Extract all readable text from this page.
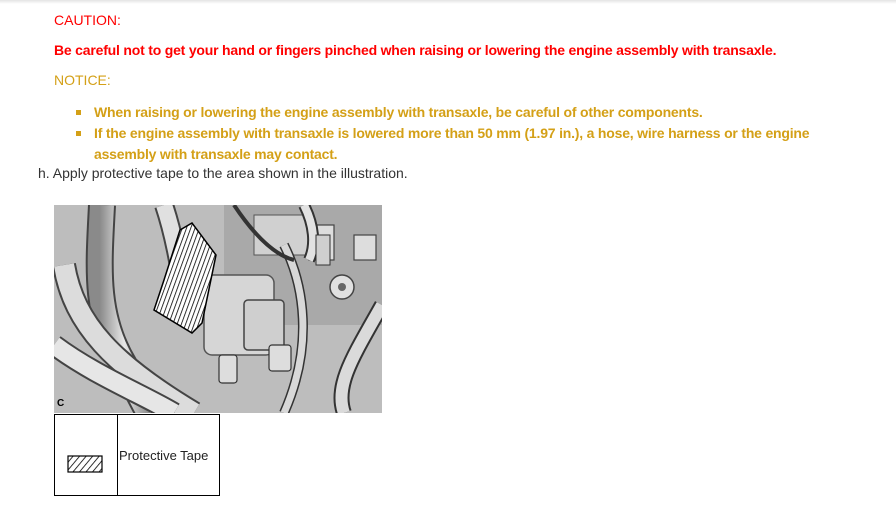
CAUTION:
Be careful not to get your hand or fingers pinched when raising or lowering the engine assembly with transaxle.
NOTICE:
When raising or lowering the engine assembly with transaxle, be careful of other components.
If the engine assembly with transaxle is lowered more than 50 mm (1.97 in.), a hose, wire harness or the engine assembly with transaxle may contact.
h. Apply protective tape to the area shown in the illustration.
C
Protective Tape
